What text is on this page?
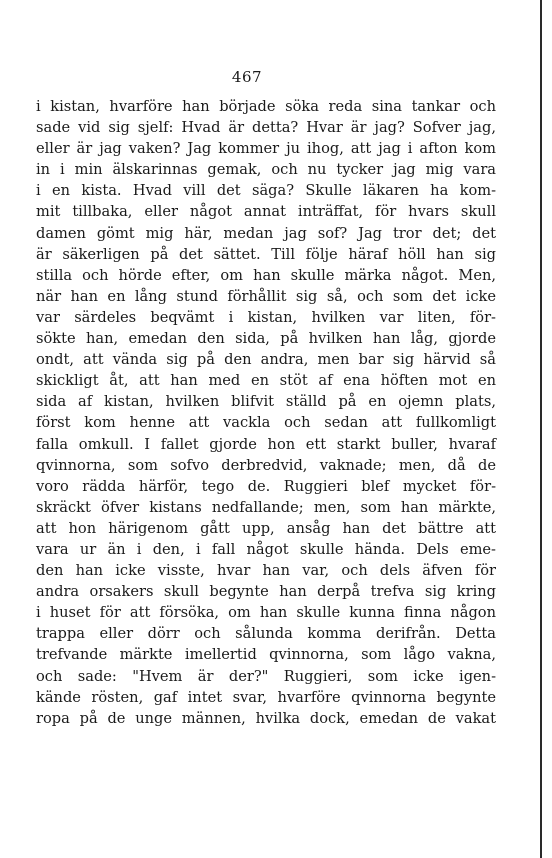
467
i kistan, hvarföre han började söka reda sina tankar och
sade vid sig sjelf: Hvad är detta? Hvar är jag? Sofver jag,
eller är jag vaken? Jag kommer ju ihog, att jag i afton kom
in i min älskarinnas gemak, och nu tycker jag mig vara
i en kista. Hvad vill det säga? Skulle läkaren ha kom-
mit tillbaka, eller något annat inträffat, för hvars skull
damen gömt mig här, medan jag sof? Jag tror det; det
är säkerligen på det sättet. Till följe häraf höll han sig
stilla och hörde efter, om han skulle märka något. Men,
när han en lång stund förhållit sig så, och som det icke
var särdeles beqvämt i kistan, hvilken var liten, för-
sökte han, emedan den sida, på hvilken han låg, gjorde
ondt, att vända sig på den andra, men bar sig härvid så
skickligt åt, att han med en stöt af ena höften mot en
sida af kistan, hvilken blifvit ställd på en ojemn plats,
först kom henne att vackla och sedan att fullkomligt
falla omkull. I fallet gjorde hon ett starkt buller, hvaraf
qvinnorna, som sofvo derbredvid, vaknade; men, då de
voro rädda härför, tego de. Ruggieri blef mycket för-
skräckt öfver kistans nedfallande; men, som han märkte,
att hon härigenom gått upp, ansåg han det bättre att
vara ur än i den, i fall något skulle hända. Dels eme-
den han icke visste, hvar han var, och dels äfven för
andra orsakers skull begynte han derpå trefva sig kring
i huset för att försöka, om han skulle kunna finna någon
trappa eller dörr och sålunda komma derifrån. Detta
trefvande märkte imellertid qvinnorna, som lågo vakna,
och sade: "Hvem är der?" Ruggieri, som icke igen-
kände rösten, gaf intet svar, hvarföre qvinnorna begynte
ropa på de unge männen, hvilka dock, emedan de vakat
